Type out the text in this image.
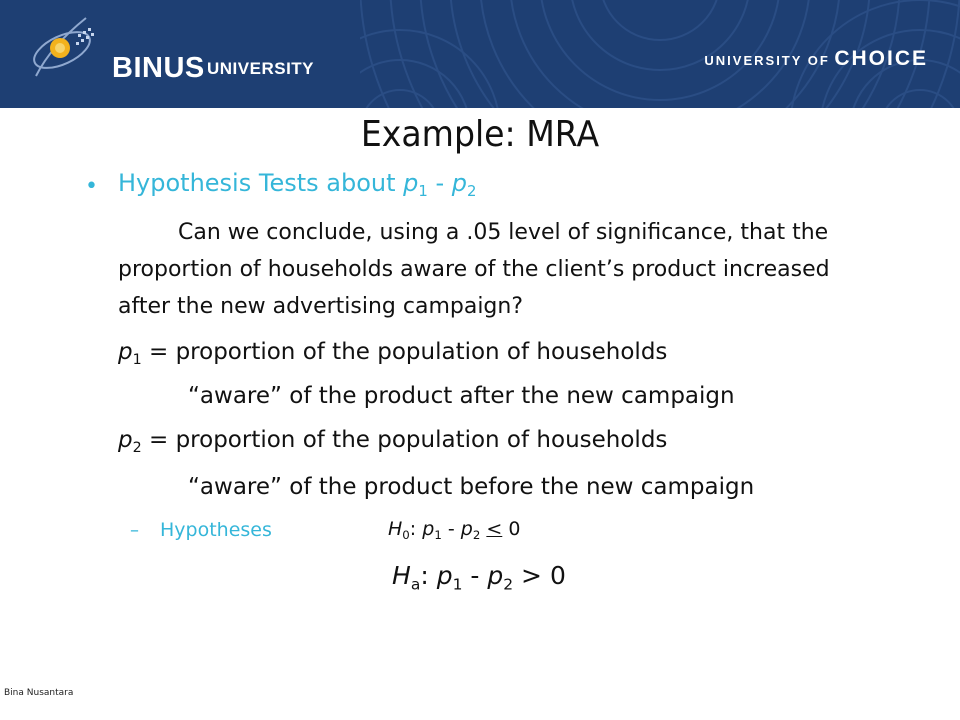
BINUS UNIVERSITY	UNIVERSITY OF CHOICE
Example: MRA
• Hypothesis Tests about $p_1 - p_2$
Can we conclude, using a .05 level of significance, that the proportion of households aware of the client’s product increased after the new advertising campaign?
$p_1$ = proportion of the population of households
“aware” of the product after the new campaign
$p_2$ = proportion of the population of households
“aware” of the product before the new campaign
– Hypotheses	$H_0$: $p_1 - p_2 < 0$
$H_a$: $p_1 - p_2 > 0$
Bina Nusantara
